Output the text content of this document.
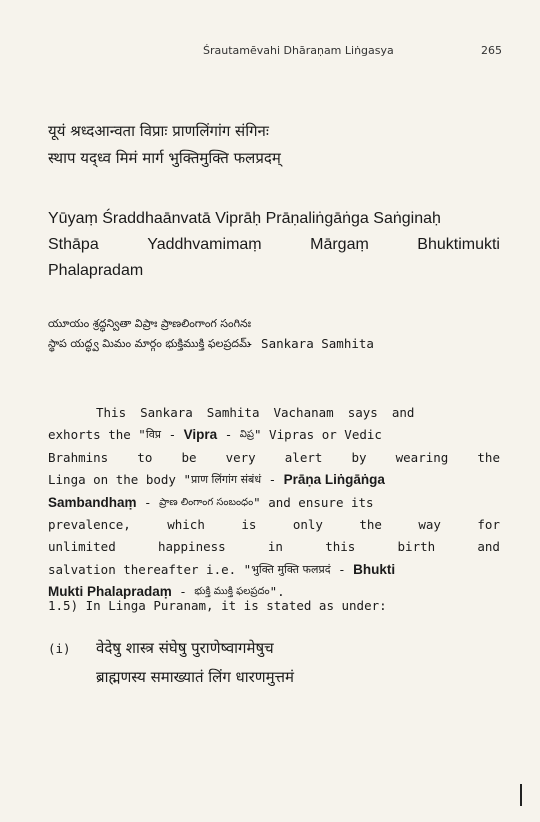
Śrautamēvahi Dhāraṇam Liṅgasya	265
यूयं श्रध्दआन्वता विप्राः प्राणलिंगांग संगिनः
स्थाप यद्ध्व मिमं मार्ग भुक्तिमुक्ति फलप्रदम्
Yūyaṃ Śraddhaānvatā Viprāḥ Prāṇaliṅgāṅga Saṅginaḥ
Sthāpa	Yaddhvamimaṃ	Mārgaṃ	Bhuktimukti
Phalapradam
యూయం శ్రద్ధన్వితా విప్రాః ప్రాణలింగాంగ సంగినః
స్థాప యద్ధ్వ మిమం మార్గం భుక్తిముక్తి ఫలప్రదమ్
- Sankara Samhita
This Sankara Samhita Vachanam says and
exhorts the " विप्र - Vipra - విప్ర " Vipras or Vedic
Brahmins to be very alert by wearing the
Linga on the body " प्राण लिंगांग संबंधं - Prāṇa Liṅgāṅga
Sambandhaṃ - ప్రాణ లింగాంగ సంబంధం " and ensure its
prevalence,	which	is	only	the	way	for
unlimited	happiness	in	this	birth	and
salvation thereafter i.e. " भुक्ति मुक्ति फलप्रदं - Bhukti
Mukti Phalapradaṃ - భుక్తి ముక్తి ఫలప్రదం ".
1.5) In Linga Puranam, it is stated as under:
(i) वेदेषु शास्त्र संघेषु पुराणेष्वागमेषुच
ब्राह्मणस्य समाख्यातं लिंग धारणमुत्तमं
